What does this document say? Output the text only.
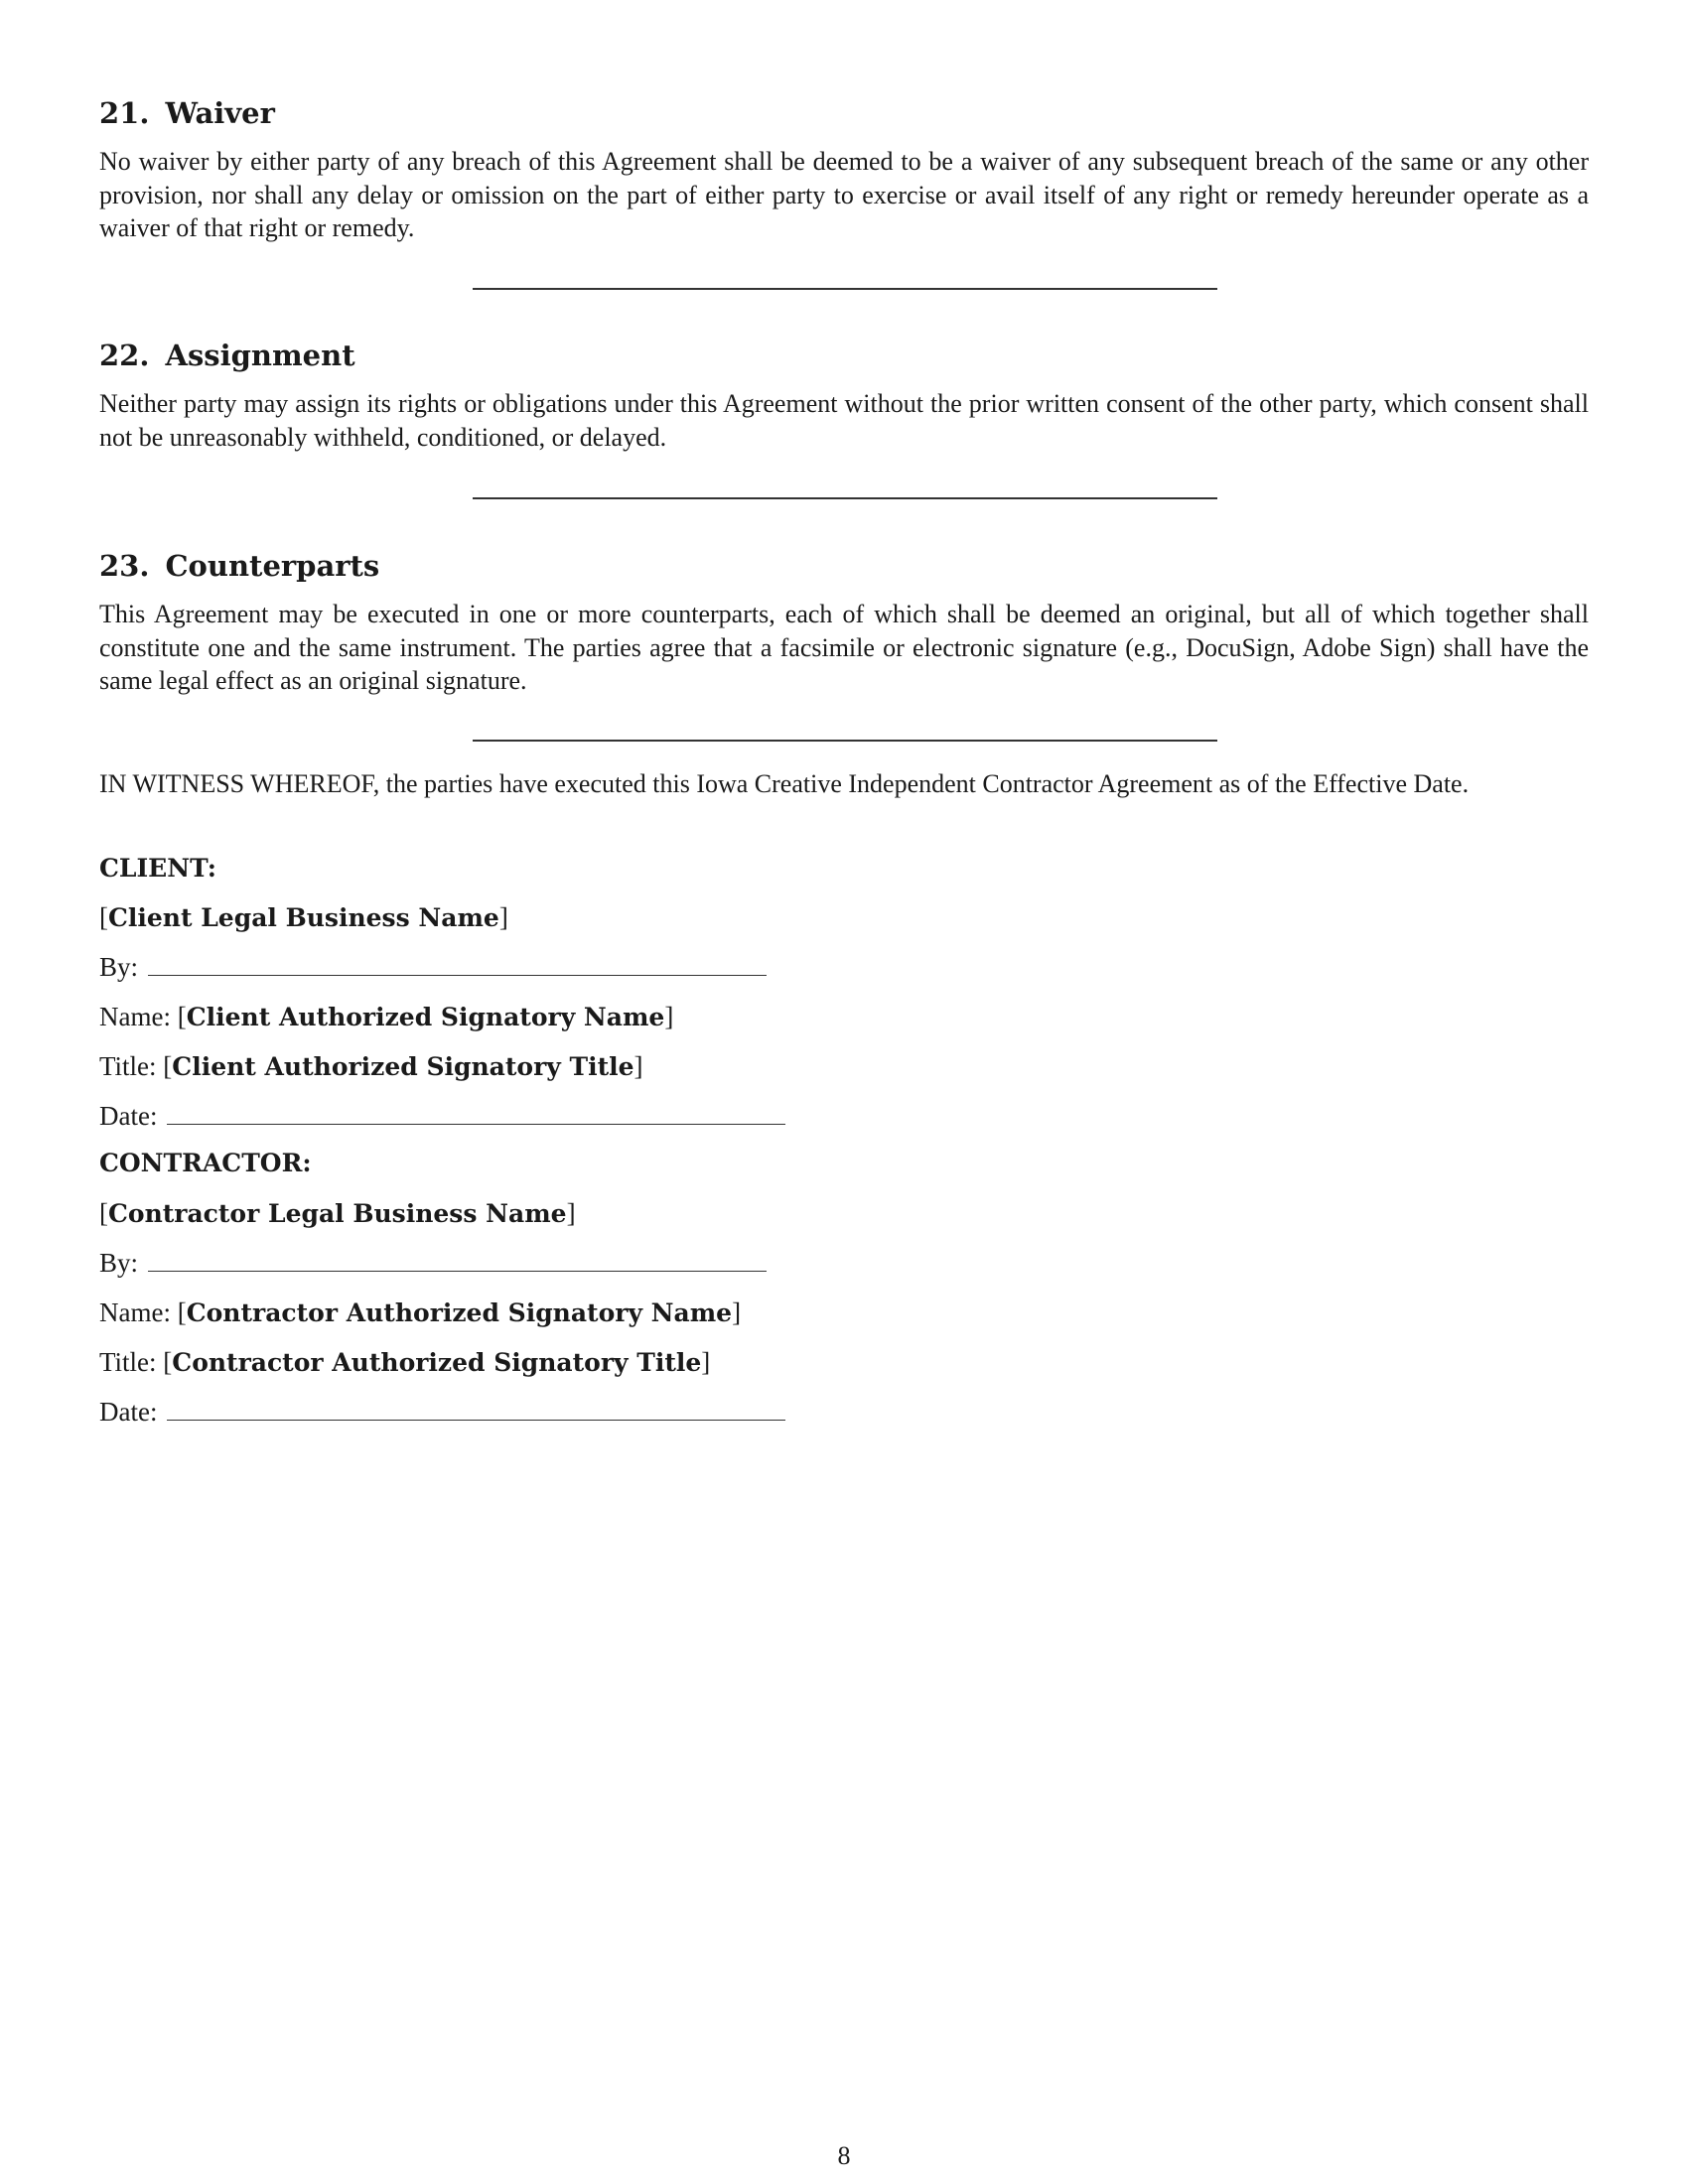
21. Waiver

No waiver by either party of any breach of this Agreement shall be deemed to be a waiver of any subsequent breach of the same or any other provision, nor shall any delay or omission on the part of either party to exercise or avail itself of any right or remedy hereunder operate as a waiver of that right or remedy.

22. Assignment

Neither party may assign its rights or obligations under this Agreement without the prior written consent of the other party, which consent shall not be unreasonably withheld, conditioned, or delayed.

23. Counterparts

This Agreement may be executed in one or more counterparts, each of which shall be deemed an original, but all of which together shall constitute one and the same instrument. The parties agree that a facsimile or electronic signature (e.g., DocuSign, Adobe Sign) shall have the same legal effect as an original signature.

IN WITNESS WHEREOF, the parties have executed this Iowa Creative Independent Contractor Agreement as of the Effective Date.

CLIENT:
[Client Legal Business Name]
By:
Name: [Client Authorized Signatory Name]
Title: [Client Authorized Signatory Title]
Date:
CONTRACTOR:
[Contractor Legal Business Name]
By:
Name: [Contractor Authorized Signatory Name]
Title: [Contractor Authorized Signatory Title]
Date:
8
